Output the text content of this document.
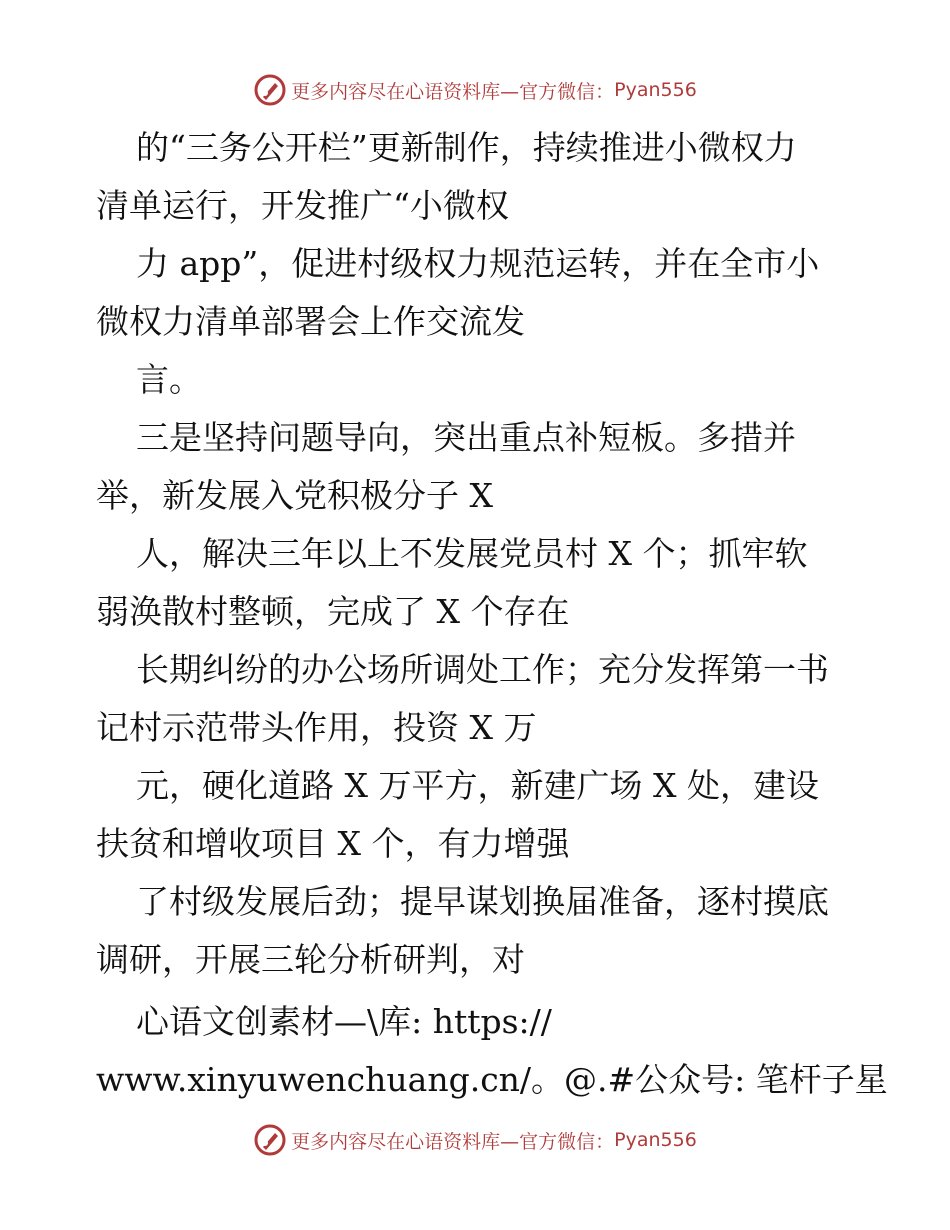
更多内容尽在心语资料库—官方微信： Pyan556
的“三务公开栏”更新制作，持续推进小微权力
清单运行，开发推广“小微权
力 app”，促进村级权力规范运转，并在全市小
微权力清单部署会上作交流发
言。
三是坚持问题导向，突出重点补短板。多措并
举，新发展入党积极分子 X
人，解决三年以上不发展党员村 X 个；抓牢软
弱涣散村整顿，完成了 X 个存在
长期纠纷的办公场所调处工作；充分发挥第一书
记村示范带头作用，投资 X 万
元，硬化道路 X 万平方，新建广场 X 处，建设
扶贫和增收项目 X 个，有力增强
了村级发展后劲；提早谋划换届准备，逐村摸底
调研，开展三轮分析研判，对
心语文创素材—\库: https://
www.xinyuwenchuang.cn/。@.#公众号: 笔杆子星
更多内容尽在心语资料库—官方微信： Pyan556
